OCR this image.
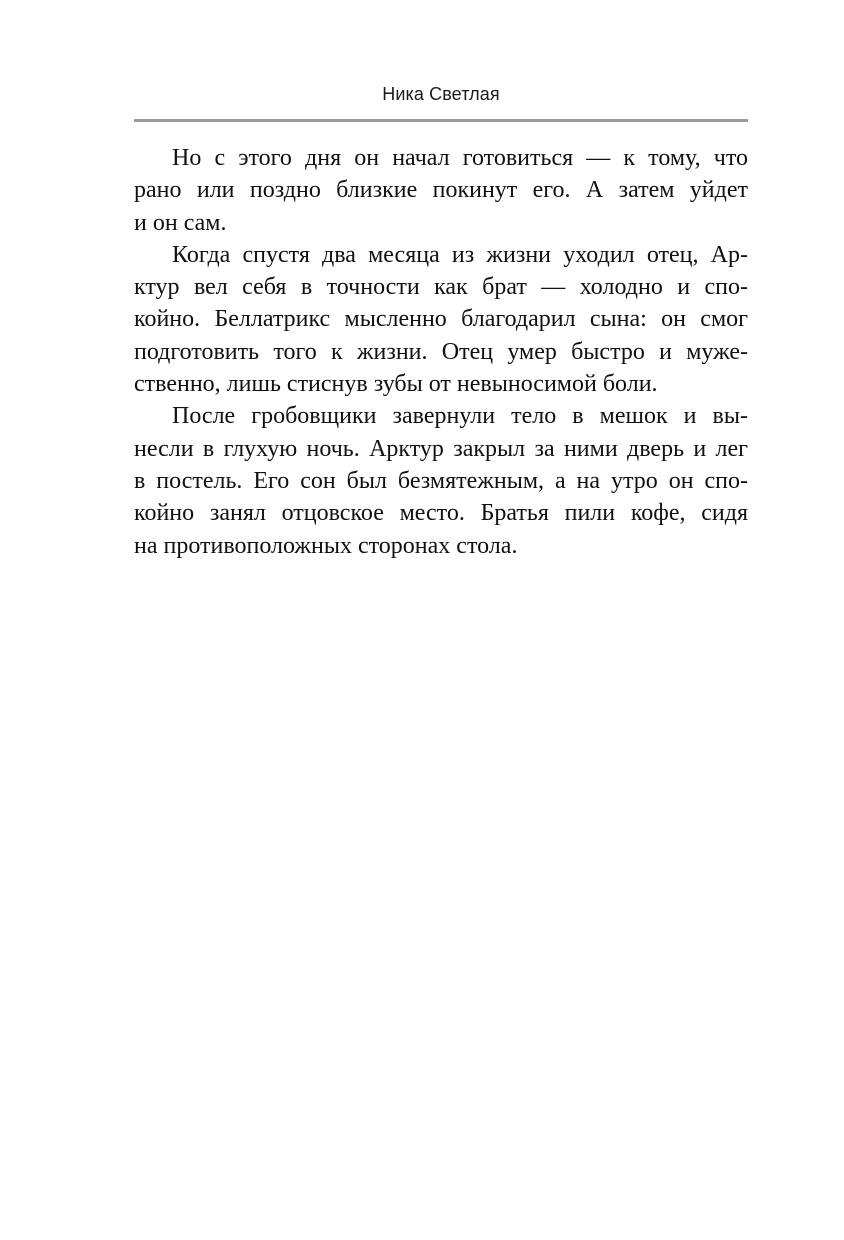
Ника Светлая
Но с этого дня он начал готовиться — к тому, что
рано или поздно близкие покинут его. А затем уйдет
и он сам.
Когда спустя два месяца из жизни уходил отец, Ар-
ктур вел себя в точности как брат — холодно и спо-
койно. Беллатрикс мысленно благодарил сына: он смог
подготовить того к жизни. Отец умер быстро и муже-
ственно, лишь стиснув зубы от невыносимой боли.
После гробовщики завернули тело в мешок и вы-
несли в глухую ночь. Арктур закрыл за ними дверь и лег
в постель. Его сон был безмятежным, а на утро он спо-
койно занял отцовское место. Братья пили кофе, сидя
на противоположных сторонах стола.
